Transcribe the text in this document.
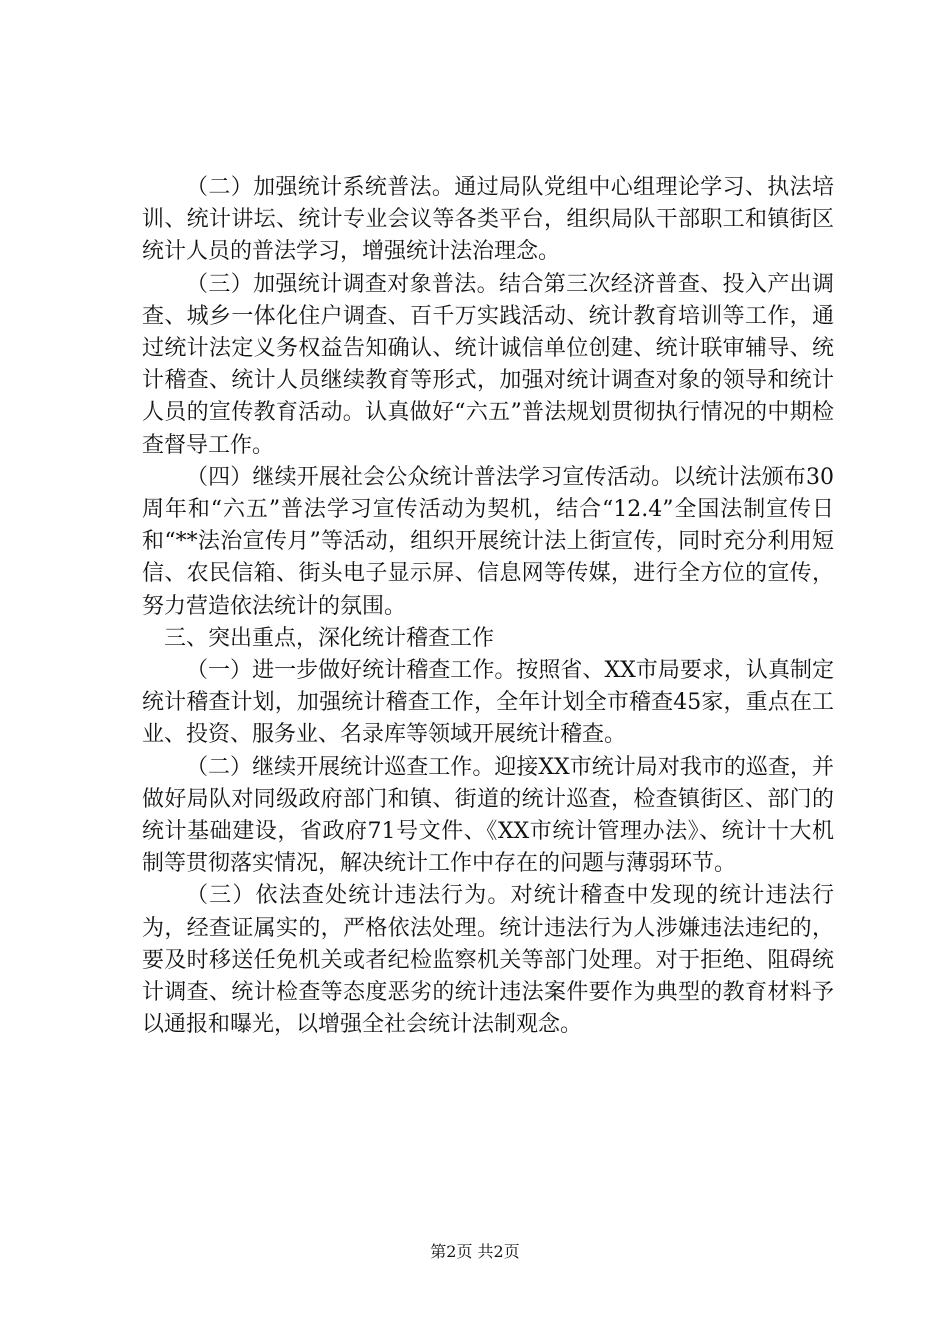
（二）加强统计系统普法。通过局队党组中心组理论学习、执法培训、统计讲坛、统计专业会议等各类平台，组织局队干部职工和镇街区统计人员的普法学习，增强统计法治理念。

（三）加强统计调查对象普法。结合第三次经济普查、投入产出调查、城乡一体化住户调查、百千万实践活动、统计教育培训等工作，通过统计法定义务权益告知确认、统计诚信单位创建、统计联审辅导、统计稽查、统计人员继续教育等形式，加强对统计调查对象的领导和统计人员的宣传教育活动。认真做好“六五”普法规划贯彻执行情况的中期检查督导工作。

（四）继续开展社会公众统计普法学习宣传活动。以统计法颁布30周年和“六五”普法学习宣传活动为契机，结合“12.4”全国法制宣传日和“**法治宣传月”等活动，组织开展统计法上街宣传，同时充分利用短信、农民信箱、街头电子显示屏、信息网等传媒，进行全方位的宣传，努力营造依法统计的氛围。

三、突出重点，深化统计稽查工作

（一）进一步做好统计稽查工作。按照省、XX市局要求，认真制定统计稽查计划，加强统计稽查工作，全年计划全市稽查45家，重点在工业、投资、服务业、名录库等领域开展统计稽查。

（二）继续开展统计巡查工作。迎接XX市统计局对我市的巡查，并做好局队对同级政府部门和镇、街道的统计巡查，检查镇街区、部门的统计基础建设，省政府71号文件、《XX市统计管理办法》、统计十大机制等贯彻落实情况，解决统计工作中存在的问题与薄弱环节。

（三）依法查处统计违法行为。对统计稽查中发现的统计违法行为，经查证属实的，严格依法处理。统计违法行为人涉嫌违法违纪的，要及时移送任免机关或者纪检监察机关等部门处理。对于拒绝、阻碍统计调查、统计检查等态度恶劣的统计违法案件要作为典型的教育材料予以通报和曝光，以增强全社会统计法制观念。

第2页 共2页
